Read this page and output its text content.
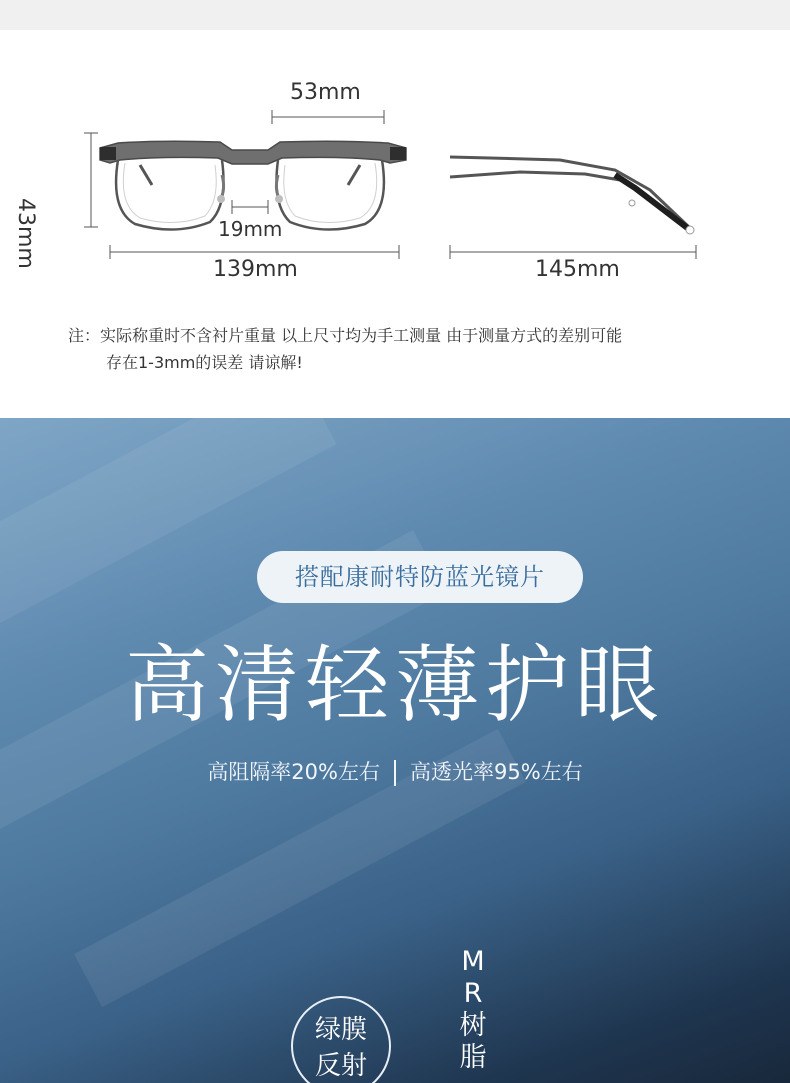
53mm
43mm	19mm
139mm	145mm
注：实际称重时不含衬片重量 以上尺寸均为手工测量 由于测量方式的差别可能
存在1-3mm的误差 请谅解!
搭配康耐特防蓝光镜片
高清轻薄护眼
高阻隔率20%左右 高透光率95%左右
绿膜
反射
M
R
树
脂
